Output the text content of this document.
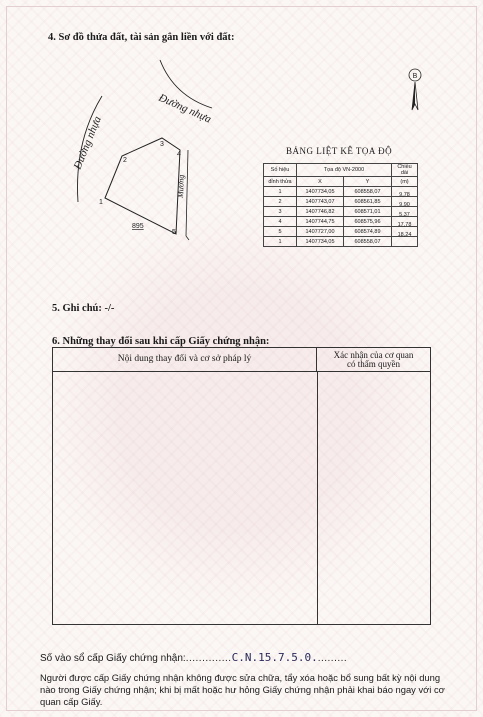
4. Sơ đồ thửa đất, tài sản gắn liền với đất:
Đường nhựa
Đường nhựa
Mương
1
2
3
4
5
895
B
BẢNG LIỆT KÊ TỌA ĐỘ
Số hiệu	Tọa độ VN-2000		Chiều dài
đỉnh thửa	X	Y	(m)
1	1407734,05	608558,07	9,78

2	1407743,07	608561,85	9,90

3	1407746,82	608571,01	5,37

4	1407744,75	608575,96	17,78

5	1407727,00	608574,89	18,24

1	1407734,05	608558,07	
5. Ghi chú: -/-
6. Những thay đổi sau khi cấp Giấy chứng nhận:
Nội dung thay đổi và cơ sở pháp lý	Xác nhận của cơ quan
có thẩm quyền
Số vào sổ cấp Giấy chứng nhận:..............C.N.15.7.5.0..........
Người được cấp Giấy chứng nhận không được sửa chữa, tẩy xóa hoặc bổ sung bất kỳ nội dung nào trong Giấy chứng nhận; khi bị mất hoặc hư hỏng Giấy chứng nhận phải khai báo ngay với cơ quan cấp Giấy.
